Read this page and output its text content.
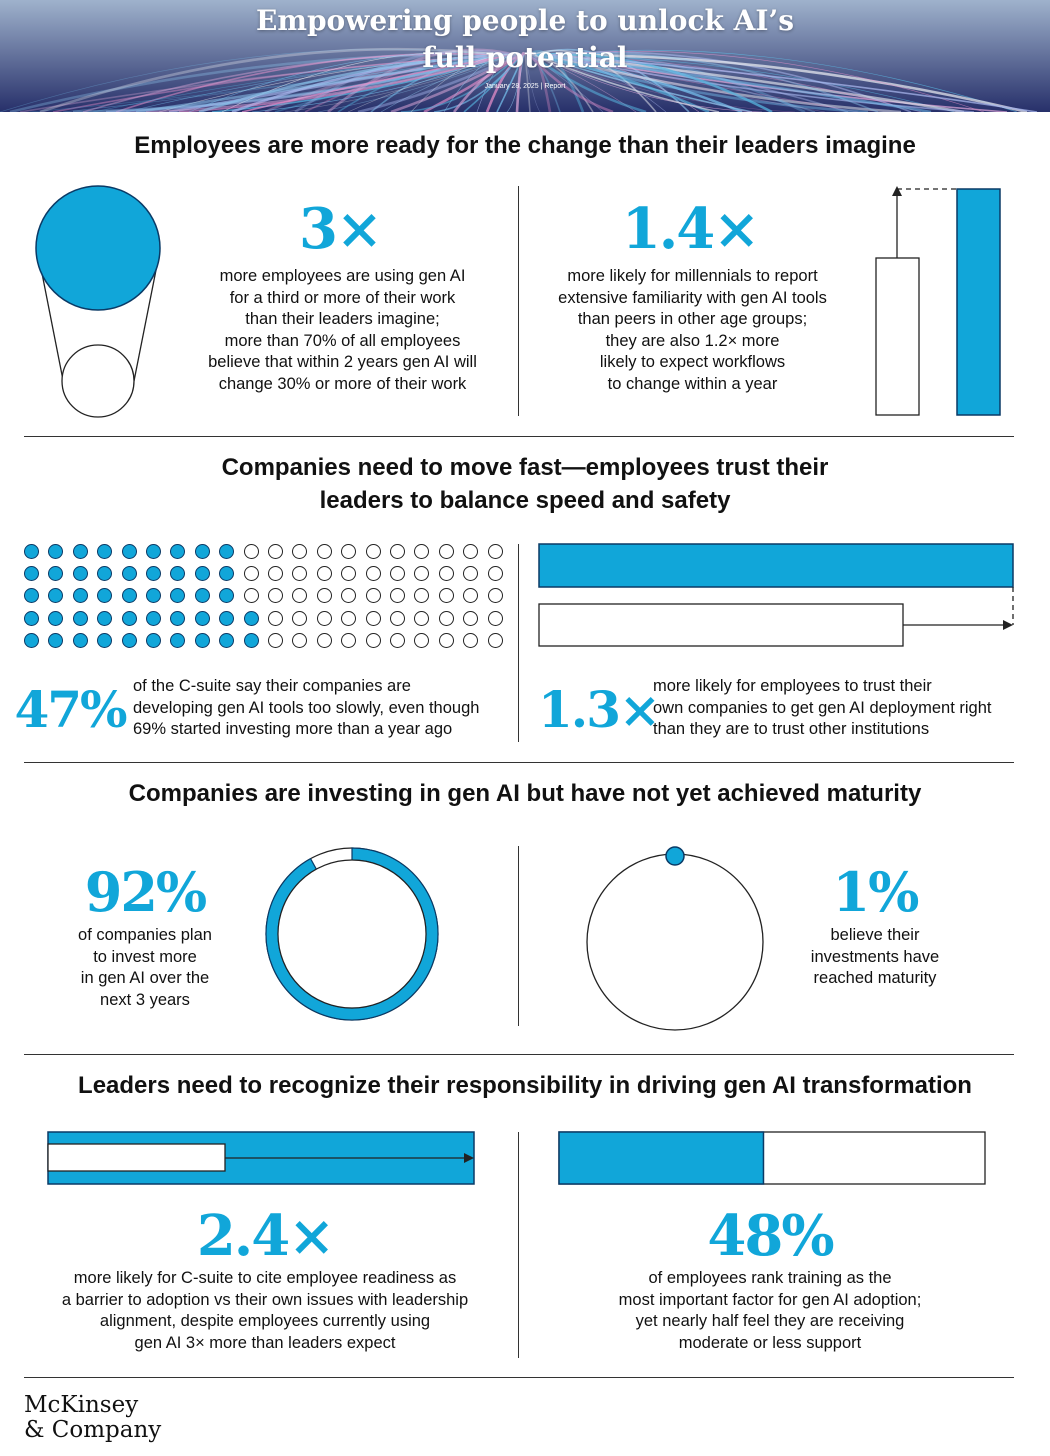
Empowering people to unlock AI’s full potential
January 28, 2025 | Report
Employees are more ready for the change than their leaders imagine
3×
more employees are using gen AI
for a third or more of their work
than their leaders imagine;
more than 70% of all employees
believe that within 2 years gen AI will
change 30% or more of their work
1.4×
more likely for millennials to report
extensive familiarity with gen AI tools
than peers in other age groups;
they are also 1.2× more
likely to expect workflows
to change within a year
Companies need to move fast—employees trust their
leaders to balance speed and safety
47% of the C-suite say their companies are
developing gen AI tools too slowly, even though
69% started investing more than a year ago	1.3×
more likely for employees to trust their
own companies to get gen AI deployment right
than they are to trust other institutions
Companies are investing in gen AI but have not yet achieved maturity
92%
of companies plan
to invest more
in gen AI over the
next 3 years
1%
believe their
investments have
reached maturity
Leaders need to recognize their responsibility in driving gen AI transformation
2.4×
more likely for C-suite to cite employee readiness as
a barrier to adoption vs their own issues with leadership
alignment, despite employees currently using
gen AI 3× more than leaders expect
48%
of employees rank training as the
most important factor for gen AI adoption;
yet nearly half feel they are receiving
moderate or less support
McKinsey
& Company
